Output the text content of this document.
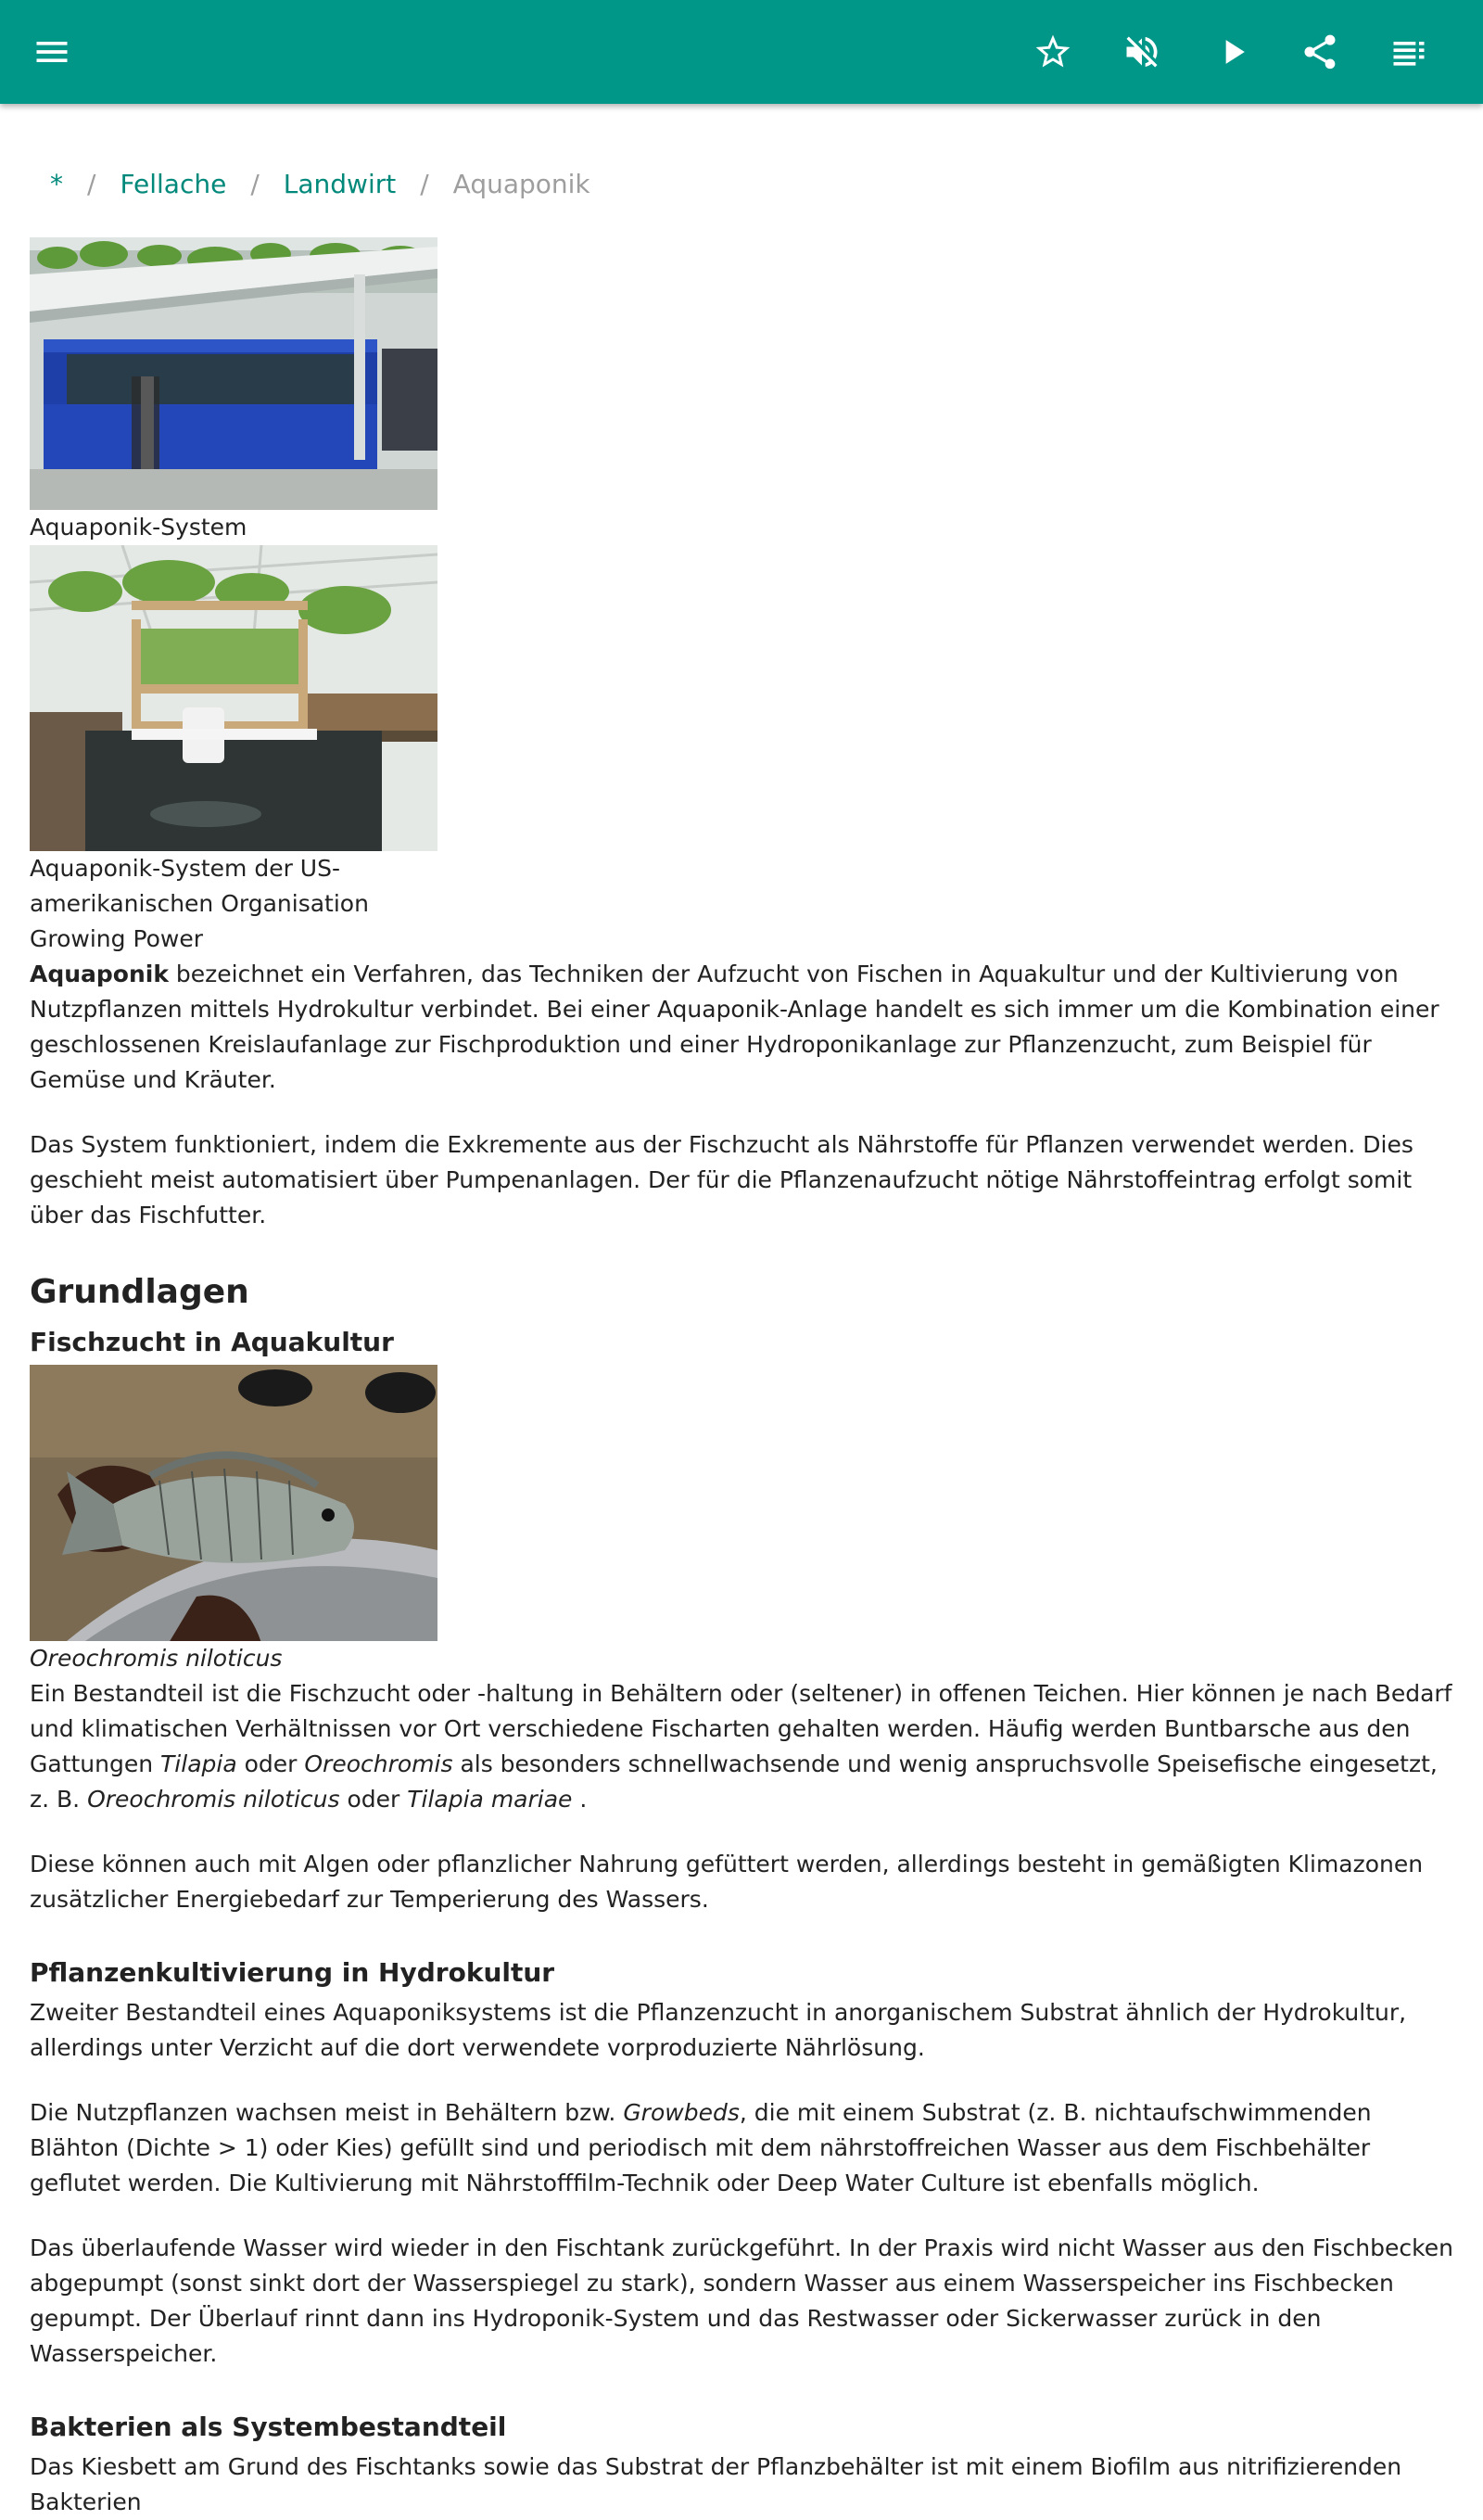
* / Fellache / Landwirt / Aquaponik
Aquaponik-System
Aquaponik-System der US-amerikanischen Organisation Growing Power

Aquaponik bezeichnet ein Verfahren, das Techniken der Aufzucht von Fischen in Aquakultur und der Kultivierung von Nutzpflanzen mittels Hydrokultur verbindet. Bei einer Aquaponik-Anlage handelt es sich immer um die Kombination einer geschlossenen Kreislaufanlage zur Fischproduktion und einer Hydroponikanlage zur Pflanzenzucht, zum Beispiel für Gemüse und Kräuter.

Das System funktioniert, indem die Exkremente aus der Fischzucht als Nährstoffe für Pflanzen verwendet werden. Dies geschieht meist automatisiert über Pumpenanlagen. Der für die Pflanzenaufzucht nötige Nährstoffeintrag erfolgt somit über das Fischfutter.

Grundlagen
Fischzucht in Aquakultur
Oreochromis niloticus

Ein Bestandteil ist die Fischzucht oder -haltung in Behältern oder (seltener) in offenen Teichen. Hier können je nach Bedarf und klimatischen Verhältnissen vor Ort verschiedene Fischarten gehalten werden. Häufig werden Buntbarsche aus den Gattungen Tilapia oder Oreochromis als besonders schnellwachsende und wenig anspruchsvolle Speisefische eingesetzt, z. B. Oreochromis niloticus oder Tilapia mariae .

Diese können auch mit Algen oder pflanzlicher Nahrung gefüttert werden, allerdings besteht in gemäßigten Klimazonen zusätzlicher Energiebedarf zur Temperierung des Wassers.

Pflanzenkultivierung in Hydrokultur

Zweiter Bestandteil eines Aquaponiksystems ist die Pflanzenzucht in anorganischem Substrat ähnlich der Hydrokultur, allerdings unter Verzicht auf die dort verwendete vorproduzierte Nährlösung.

Die Nutzpflanzen wachsen meist in Behältern bzw. Growbeds, die mit einem Substrat (z. B. nichtaufschwimmenden Blähton (Dichte > 1) oder Kies) gefüllt sind und periodisch mit dem nährstoffreichen Wasser aus dem Fischbehälter geflutet werden. Die Kultivierung mit Nährstofffilm-Technik oder Deep Water Culture ist ebenfalls möglich.

Das überlaufende Wasser wird wieder in den Fischtank zurückgeführt. In der Praxis wird nicht Wasser aus den Fischbecken abgepumpt (sonst sinkt dort der Wasserspiegel zu stark), sondern Wasser aus einem Wasserspeicher ins Fischbecken gepumpt. Der Überlauf rinnt dann ins Hydroponik-System und das Restwasser oder Sickerwasser zurück in den Wasserspeicher.

Bakterien als Systembestandteil

Das Kiesbett am Grund des Fischtanks sowie das Substrat der Pflanzbehälter ist mit einem Biofilm aus nitrifizierenden Bakterien
